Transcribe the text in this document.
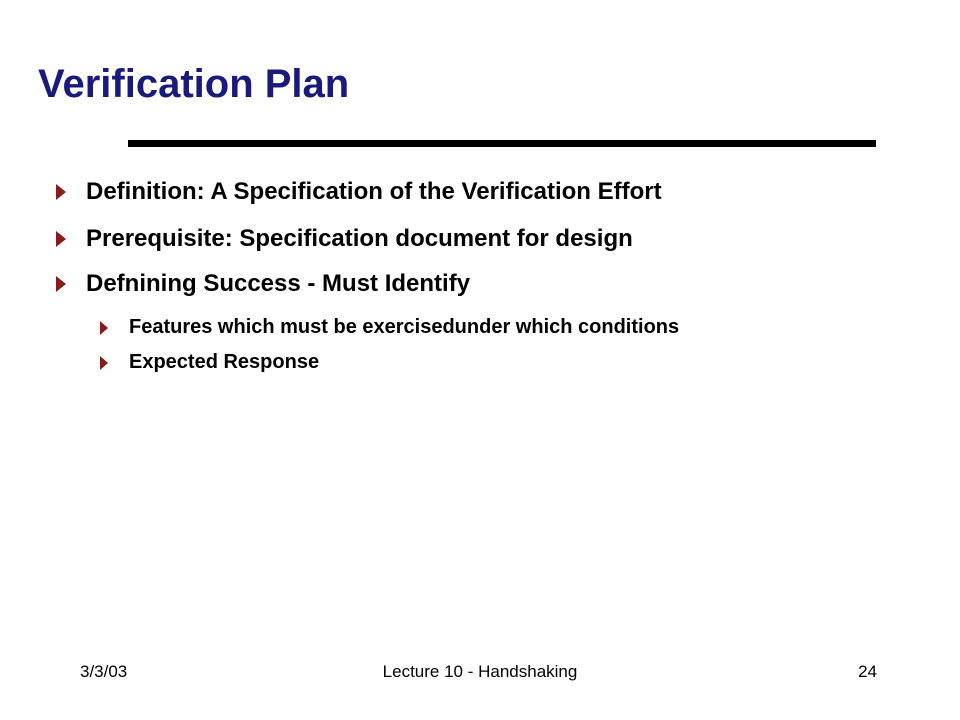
Verification Plan
Definition: A Specification of the Verification Effort
Prerequisite: Specification document for design
Defnining Success - Must Identify
Features which must be exercisedunder which conditions
Expected Response
3/3/03	Lecture 10 - Handshaking	24
